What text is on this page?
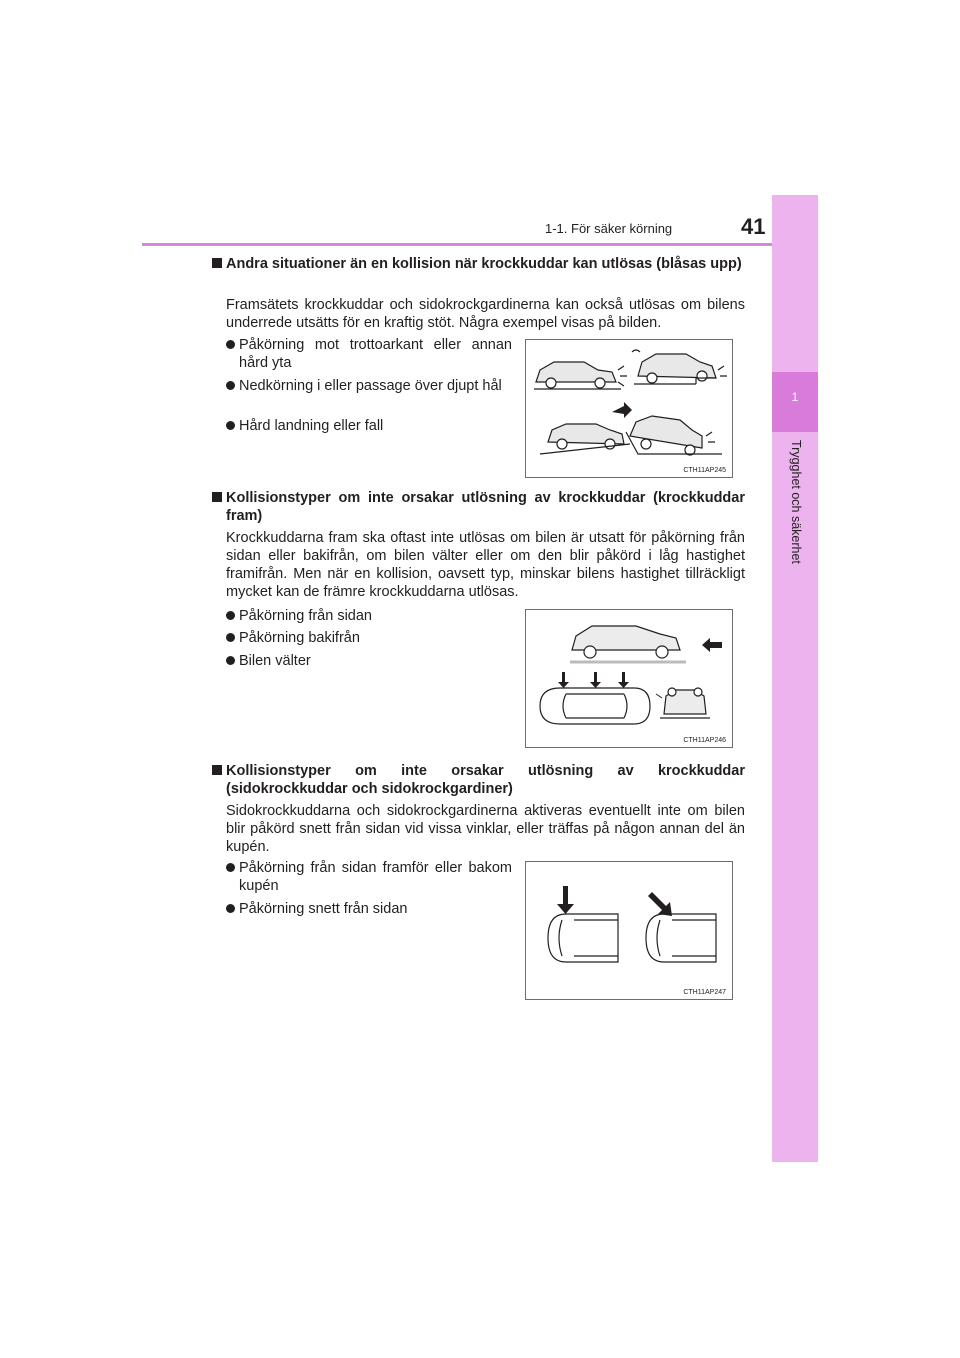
1-1. För säker körning	41
1
Trygghet och säkerhet
Andra situationer än en kollision när krockkuddar kan utlösas (blåsas upp)
Framsätets krockkuddar och sidokrockgardinerna kan också utlösas om bilens underrede utsätts för en kraftig stöt. Några exempel visas på bilden.
Påkörning mot trottoarkant eller annan hård yta
Nedkörning i eller passage över djupt hål
Hård landning eller fall
CTH11AP245
Kollisionstyper om inte orsakar utlösning av krockkuddar (krockkuddar fram)
Krockkuddarna fram ska oftast inte utlösas om bilen är utsatt för påkörning från sidan eller bakifrån, om bilen välter eller om den blir påkörd i låg hastighet framifrån. Men när en kollision, oavsett typ, minskar bilens hastighet tillräckligt mycket kan de främre krockkuddarna utlösas.
Påkörning från sidan
Påkörning bakifrån
Bilen välter
CTH11AP246
Kollisionstyper om inte orsakar utlösning av krockkuddar (sidokrockkuddar och sidokrockgardiner)
Sidokrockkuddarna och sidokrockgardinerna aktiveras eventuellt inte om bilen blir påkörd snett från sidan vid vissa vinklar, eller träffas på någon annan del än kupén.
Påkörning från sidan framför eller bakom kupén
Påkörning snett från sidan
CTH11AP247
